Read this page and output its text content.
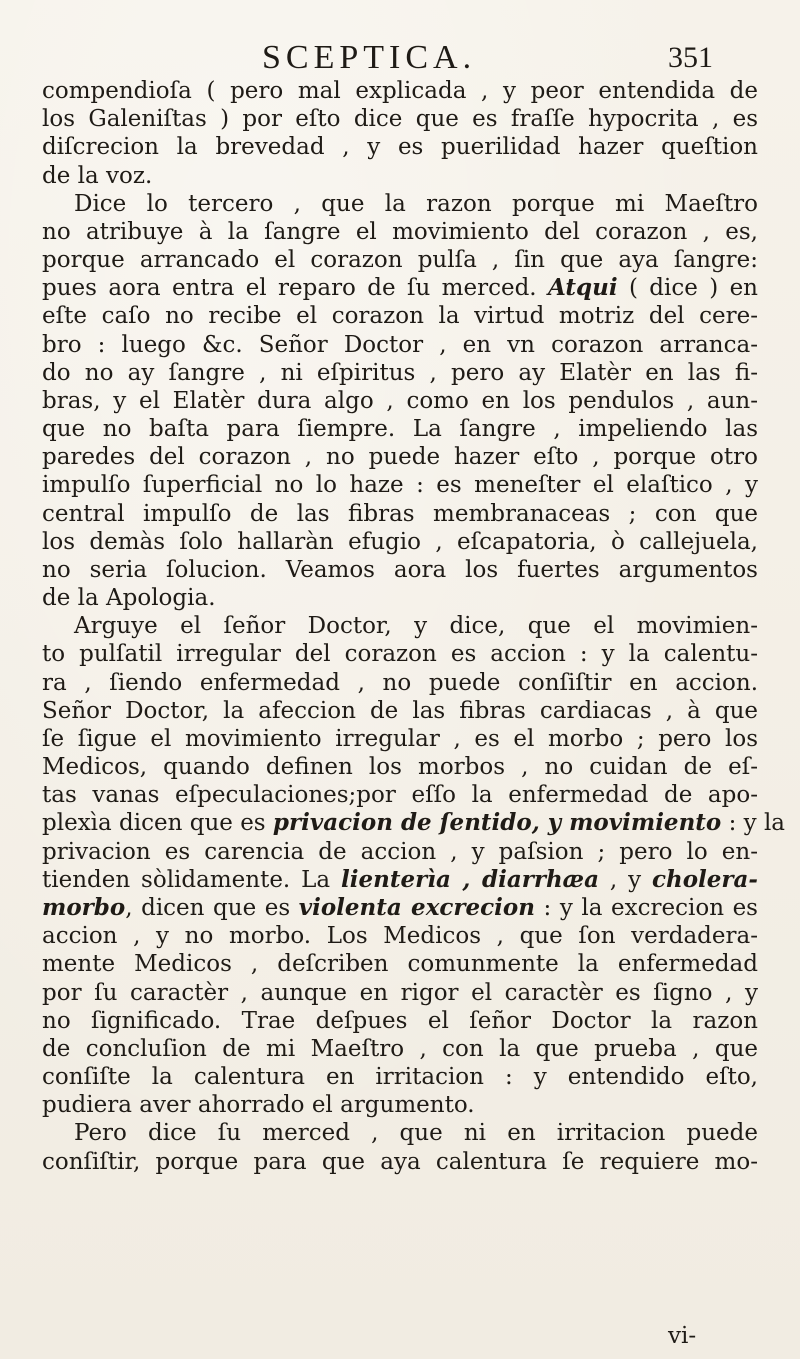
SCEPTICA.	351
compendioſa ( pero mal explicada , y peor entendida de
los Galeniſtas ) por eſto dice que es fraſſe hypocrita , es
diſcrecion la brevedad , y es puerilidad hazer queſtion
de la voz.
Dice lo tercero , que la razon porque mi Maeſtro
no atribuye à la ſangre el movimiento del corazon , es,
porque arrancado el corazon pulſa , ſin que aya ſangre:
pues aora entra el reparo de ſu merced. Atqui ( dice ) en
eſte caſo no recibe el corazon la virtud motriz del cere-
bro : luego &c. Señor Doctor , en vn corazon arranca-
do no ay ſangre , ni eſpiritus , pero ay Elatèr en las fi-
bras, y el Elatèr dura algo , como en los pendulos , aun-
que no baſta para ſiempre. La ſangre , impeliendo las
paredes del corazon , no puede hazer eſto , porque otro
impulſo ſuperficial no lo haze : es meneſter el elaſtico , y
central impulſo de las fibras membranaceas ; con que
los demàs ſolo hallaràn efugio , eſcapatoria, ò callejuela,
no seria ſolucion. Veamos aora los fuertes argumentos
de la Apologia.
Arguye el ſeñor Doctor, y dice, que el movimien-
to pulſatil irregular del corazon es accion : y la calentu-
ra , ſiendo enfermedad , no puede conſiſtir en accion.
Señor Doctor, la afeccion de las fibras cardiacas , à que
ſe ſigue el movimiento irregular , es el morbo ; pero los
Medicos, quando definen los morbos , no cuidan de eſ-
tas vanas eſpeculaciones;por eſſo la enfermedad de apo-
plexìa dicen que es privacion de ſentido, y movimiento : y la
privacion es carencia de accion , y paſsion ; pero lo en-
tienden sòlidamente. La lienterìa , diarrhæa , y cholera-
morbo, dicen que es violenta excrecion : y la excrecion es
accion , y no morbo. Los Medicos , que ſon verdadera-
mente Medicos , deſcriben comunmente la enfermedad
por ſu caractèr , aunque en rigor el caractèr es ſigno , y
no ſignificado. Trae deſpues el ſeñor Doctor la razon
de concluſion de mi Maeſtro , con la que prueba , que
conſiſte la calentura en irritacion : y entendido eſto,
pudiera aver ahorrado el argumento.
Pero dice ſu merced , que ni en irritacion puede
conſiſtir, porque para que aya calentura ſe requiere mo-
vi-
